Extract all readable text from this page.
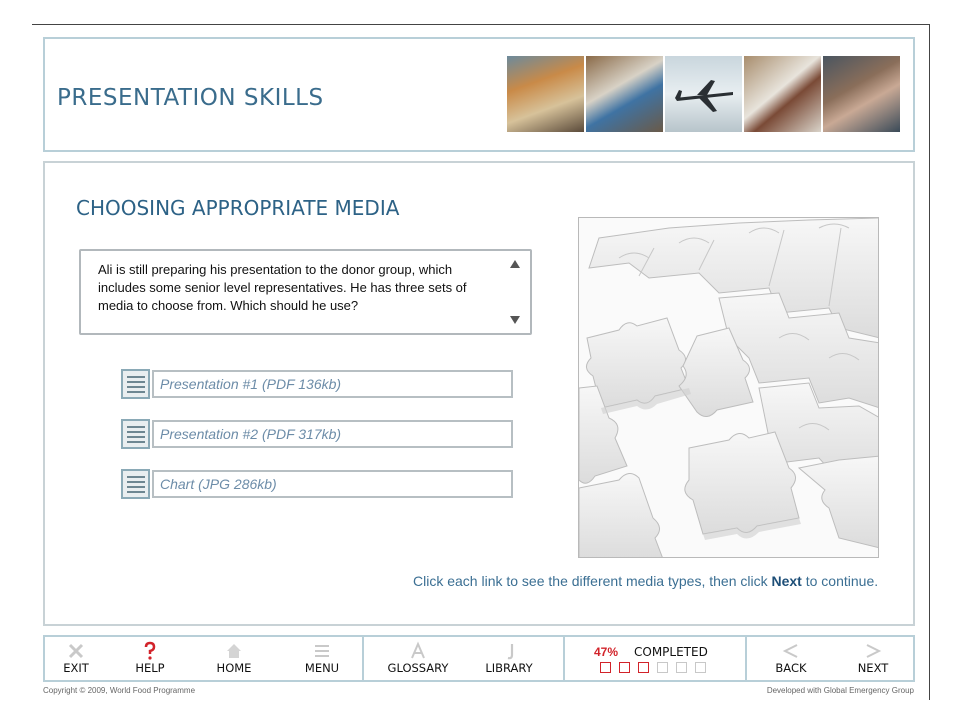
PRESENTATION SKILLS
CHOOSING APPROPRIATE MEDIA
Ali is still preparing his presentation to the donor group, which includes some senior level representatives. He has three sets of media to choose from. Which should he use?
Presentation #1 (PDF 136kb)
Presentation #2 (PDF 317kb)
Chart (JPG 286kb)
Click each link to see the different media types, then click Next to continue.
EXIT	HELP	HOME	MENU	GLOSSARY	LIBRARY
47% COMPLETED
BACK	NEXT
Copyright © 2009, World Food Programme	Developed with Global Emergency Group
